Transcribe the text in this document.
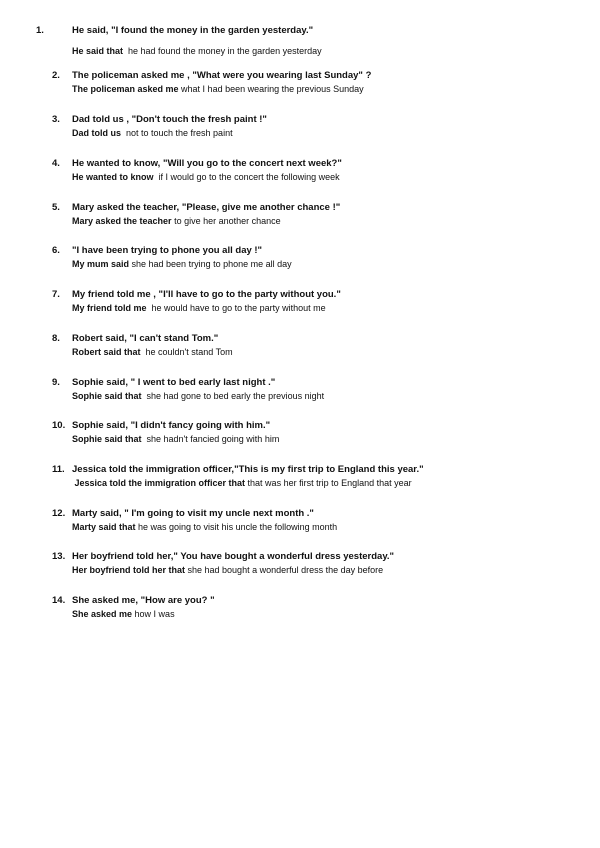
1.	He said, "I found the money in the garden yesterday."
He said that  he had found the money in the garden yesterday
2. The policeman asked me , "What were you wearing last Sunday" ?
The policeman asked me what I had been wearing the previous Sunday
3. Dad told us , "Don't touch the fresh paint !"
Dad told us  not to touch the fresh paint
4. He wanted to know, "Will you go to the concert next week?"
He wanted to know  if I would go to the concert the following week
5. Mary asked the teacher, "Please, give me another chance !"
Mary asked the teacher to give her another chance
6. "I have been trying to phone you all day !"
My mum said she had been trying to phone me all day
7. My friend told me , "I'll have to go to the party without you."
My friend told me  he would have to go to the party without me
8. Robert said, "I can't stand Tom."
Robert said that  he couldn't stand Tom
9. Sophie said, " I went to bed early last night ."
Sophie said that  she had gone to bed early the previous night
10. Sophie said, "I didn't fancy going with him."
Sophie said that  she hadn't fancied going with him
11. Jessica told the immigration officer,"This is my first trip to England this year."
Jessica told the immigration officer that that was her first trip to England that year
12. Marty said, " I'm going to visit my uncle next month ."
Marty said that he was going to visit his uncle the following month
13. Her boyfriend told her," You have bought a wonderful dress yesterday."
Her boyfriend told her that she had bought a wonderful dress the day before
14. She asked me, "How are you? "
She asked me how I was
